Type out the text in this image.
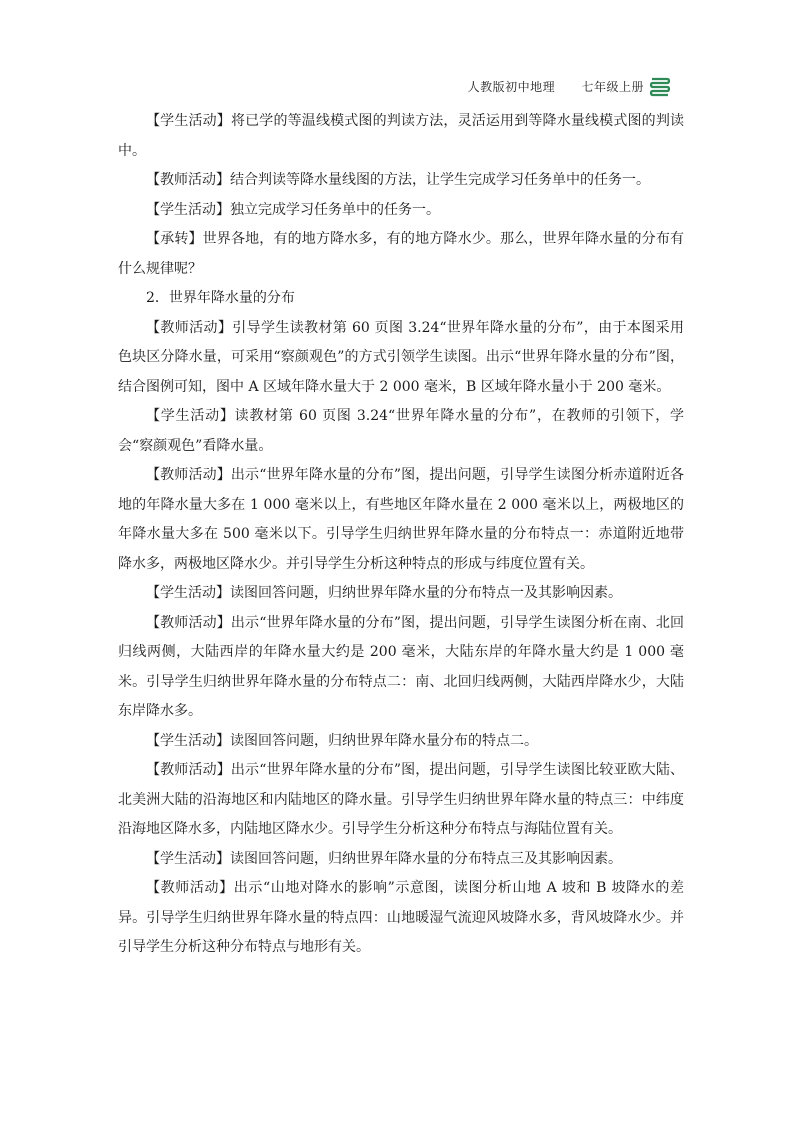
人教版初中地理 七年级上册

【学生活动】将已学的等温线模式图的判读方法，灵活运用到等降水量线模式图的判读中。

【教师活动】结合判读等降水量线图的方法，让学生完成学习任务单中的任务一。

【学生活动】独立完成学习任务单中的任务一。

【承转】世界各地，有的地方降水多，有的地方降水少。那么，世界年降水量的分布有什么规律呢？

2．世界年降水量的分布

【教师活动】引导学生读教材第 60 页图 3.24“世界年降水量的分布”，由于本图采用色块区分降水量，可采用“察颜观色”的方式引领学生读图。出示“世界年降水量的分布”图，结合图例可知，图中 A 区域年降水量大于 2 000 毫米，B 区域年降水量小于 200 毫米。

【学生活动】读教材第 60 页图 3.24“世界年降水量的分布”，在教师的引领下，学会“察颜观色”看降水量。

【教师活动】出示“世界年降水量的分布”图，提出问题，引导学生读图分析赤道附近各地的年降水量大多在 1 000 毫米以上，有些地区年降水量在 2 000 毫米以上，两极地区的年降水量大多在 500 毫米以下。引导学生归纳世界年降水量的分布特点一：赤道附近地带降水多，两极地区降水少。并引导学生分析这种特点的形成与纬度位置有关。

【学生活动】读图回答问题，归纳世界年降水量的分布特点一及其影响因素。

【教师活动】出示“世界年降水量的分布”图，提出问题，引导学生读图分析在南、北回归线两侧，大陆西岸的年降水量大约是 200 毫米，大陆东岸的年降水量大约是 1 000 毫米。引导学生归纳世界年降水量的分布特点二：南、北回归线两侧，大陆西岸降水少，大陆东岸降水多。

【学生活动】读图回答问题，归纳世界年降水量分布的特点二。

【教师活动】出示“世界年降水量的分布”图，提出问题，引导学生读图比较亚欧大陆、北美洲大陆的沿海地区和内陆地区的降水量。引导学生归纳世界年降水量的特点三：中纬度沿海地区降水多，内陆地区降水少。引导学生分析这种分布特点与海陆位置有关。

【学生活动】读图回答问题，归纳世界年降水量的分布特点三及其影响因素。

【教师活动】出示“山地对降水的影响”示意图，读图分析山地 A 坡和 B 坡降水的差异。引导学生归纳世界年降水量的特点四：山地暖湿气流迎风坡降水多，背风坡降水少。并引导学生分析这种分布特点与地形有关。
